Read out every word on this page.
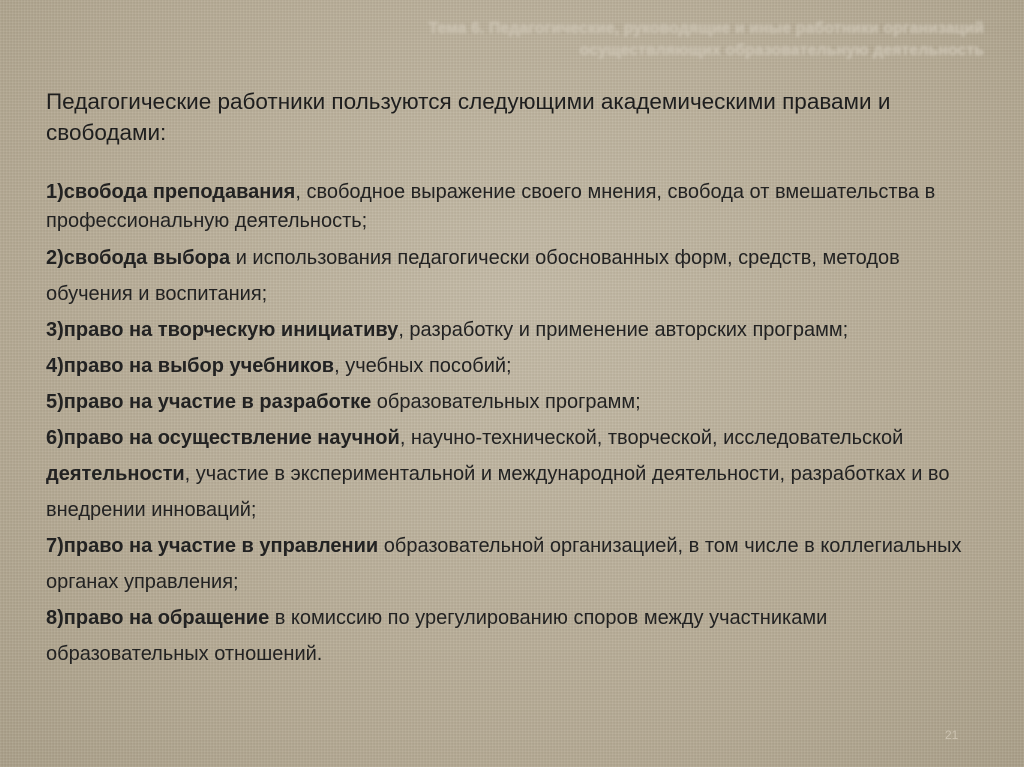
Тема 6. Педагогические, руководящие и иные работники организаций
осуществляющих образовательную деятельность

Педагогические работники пользуются следующими академическими правами и свободами:

1)свобода преподавания, свободное выражение своего мнения, свобода от вмешательства в профессиональную деятельность;
2)свобода выбора и использования педагогически обоснованных форм, средств, методов обучения и воспитания;
3)право на творческую инициативу, разработку и применение авторских программ;
4)право на выбор учебников, учебных пособий;
5)право на участие в разработке образовательных программ;
6)право на осуществление научной, научно-технической, творческой, исследовательской деятельности, участие в экспериментальной и международной деятельности, разработках и во внедрении инноваций;
7)право на участие в управлении образовательной организацией, в том числе в коллегиальных органах управления;
8)право на обращение в комиссию по урегулированию споров между участниками образовательных отношений.
21
